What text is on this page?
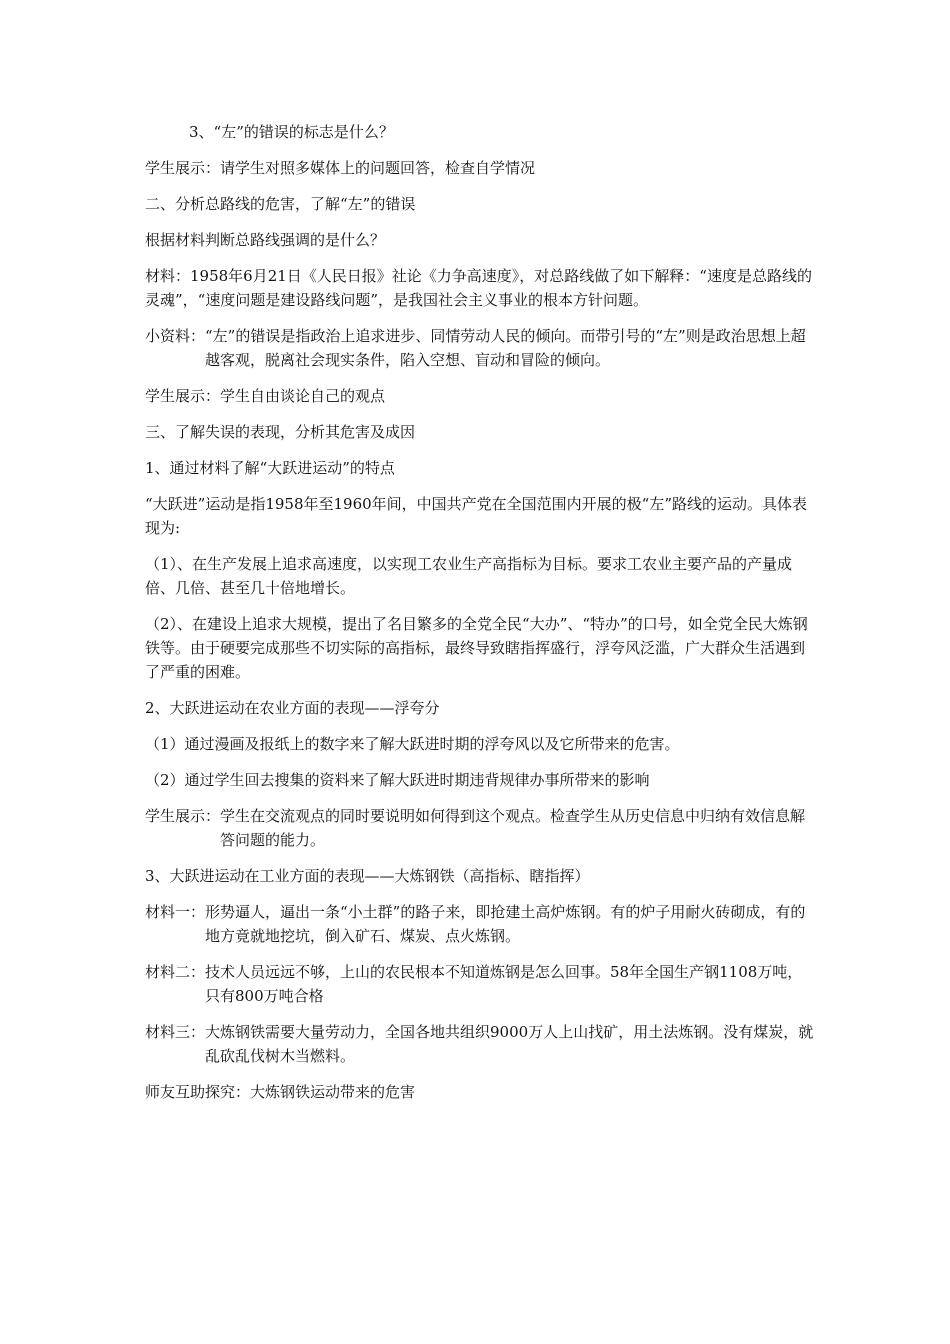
3、“左”的错误的标志是什么？

学生展示：请学生对照多媒体上的问题回答，检查自学情况

二、分析总路线的危害，了解“左”的错误

根据材料判断总路线强调的是什么？

材料：1958年6月21日《人民日报》社论《力争高速度》，对总路线做了如下解释：“速度是总路线的灵魂”，“速度问题是建设路线问题”，是我国社会主义事业的根本方针问题。

小资料： “左”的错误是指政治上追求进步、同情劳动人民的倾向。而带引号的“左”则是政治思想上超越客观，脱离社会现实条件，陷入空想、盲动和冒险的倾向。

学生展示：学生自由谈论自己的观点

三、了解失误的表现，分析其危害及成因

1、通过材料了解“大跃进运动”的特点

“大跃进”运动是指1958年至1960年间，中国共产党在全国范围内开展的极“左”路线的运动。具体表现为:

（1）、在生产发展上追求高速度，以实现工农业生产高指标为目标。要求工农业主要产品的产量成倍、几倍、甚至几十倍地增长。

（2）、在建设上追求大规模，提出了名目繁多的全党全民“大办”、“特办”的口号，如全党全民大炼钢铁等。由于硬要完成那些不切实际的高指标，最终导致瞎指挥盛行，浮夸风泛滥，广大群众生活遇到了严重的困难。

2、大跃进运动在农业方面的表现——浮夸分

（1）通过漫画及报纸上的数字来了解大跃进时期的浮夸风以及它所带来的危害。

（2）通过学生回去搜集的资料来了解大跃进时期违背规律办事所带来的影响

学生展示： 学生在交流观点的同时要说明如何得到这个观点。检查学生从历史信息中归纳有效信息解答问题的能力。

3、大跃进运动在工业方面的表现——大炼钢铁（高指标、瞎指挥）

材料一： 形势逼人，逼出一条“小土群”的路子来，即抢建土高炉炼钢。有的炉子用耐火砖砌成，有的地方竟就地挖坑，倒入矿石、煤炭、点火炼钢。
材料二： 技术人员远远不够，上山的农民根本不知道炼钢是怎么回事。58年全国生产钢1108万吨，只有800万吨合格
材料三： 大炼钢铁需要大量劳动力，全国各地共组织9000万人上山找矿，用土法炼钢。没有煤炭，就乱砍乱伐树木当燃料。

师友互助探究：大炼钢铁运动带来的危害
